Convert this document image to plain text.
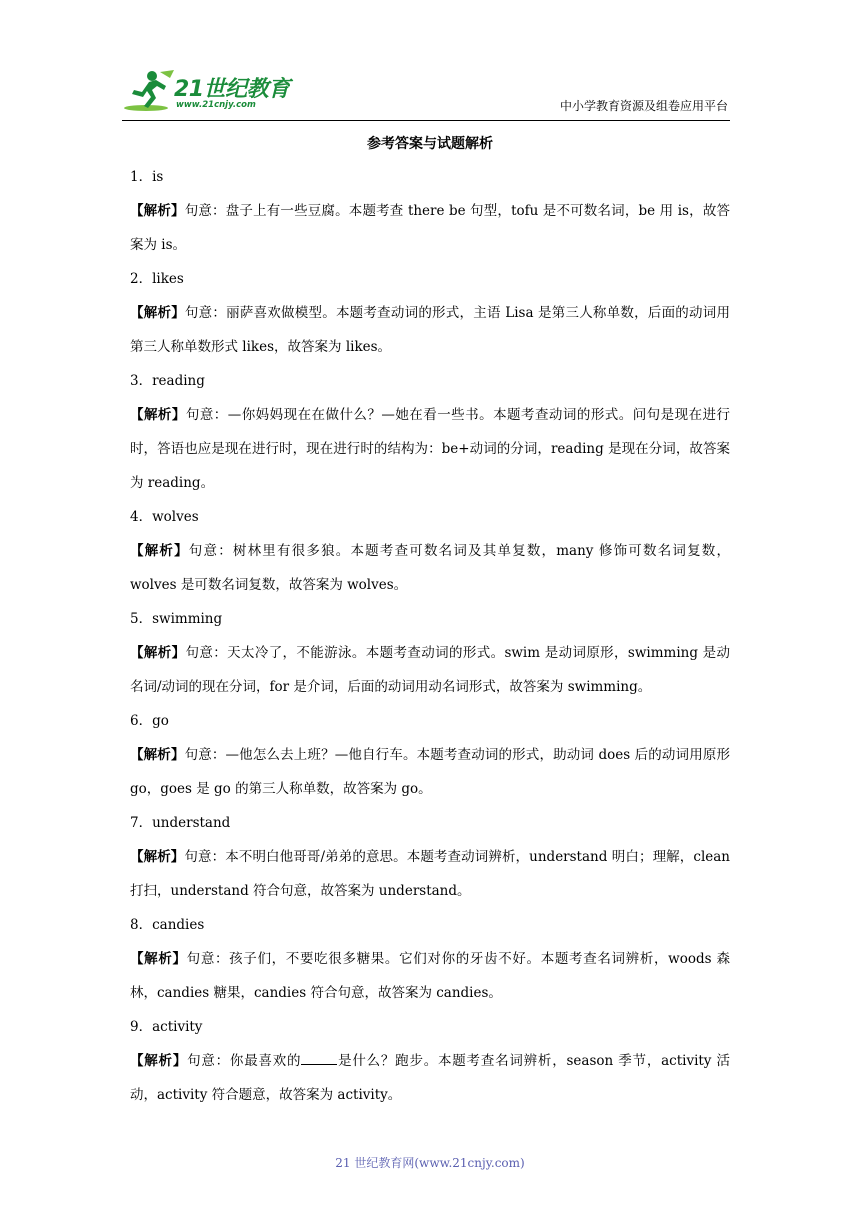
21世纪教育
www.21cnjy.com	中小学教育资源及组卷应用平台
参考答案与试题解析
1．is

【解析】句意：盘子上有一些豆腐。本题考查 there be 句型，tofu 是不可数名词，be 用 is，故答案为 is。

2．likes

【解析】句意：丽萨喜欢做模型。本题考查动词的形式，主语 Lisa 是第三人称单数，后面的动词用第三人称单数形式 likes，故答案为 likes。

3．reading

【解析】句意：—你妈妈现在在做什么？—她在看一些书。本题考查动词的形式。问句是现在进行时，答语也应是现在进行时，现在进行时的结构为：be+动词的分词，reading 是现在分词，故答案为 reading。

4．wolves

【解析】句意：树林里有很多狼。本题考查可数名词及其单复数，many 修饰可数名词复数，wolves 是可数名词复数，故答案为 wolves。

5．swimming

【解析】句意：天太冷了，不能游泳。本题考查动词的形式。swim 是动词原形，swimming 是动名词/动词的现在分词，for 是介词，后面的动词用动名词形式，故答案为 swimming。

6．go

【解析】句意：—他怎么去上班？—他自行车。本题考查动词的形式，助动词 does 后的动词用原形 go，goes 是 go 的第三人称单数，故答案为 go。

7．understand

【解析】句意：本不明白他哥哥/弟弟的意思。本题考查动词辨析，understand 明白；理解，clean 打扫，understand 符合句意，故答案为 understand。

8．candies

【解析】句意：孩子们，不要吃很多糖果。它们对你的牙齿不好。本题考查名词辨析，woods 森林，candies 糖果，candies 符合句意，故答案为 candies。

9．activity

【解析】句意：你最喜欢的	是什么？跑步。本题考查名词辨析，season 季节，activity 活动，activity 符合题意，故答案为 activity。

21 世纪教育网(www.21cnjy.com)
